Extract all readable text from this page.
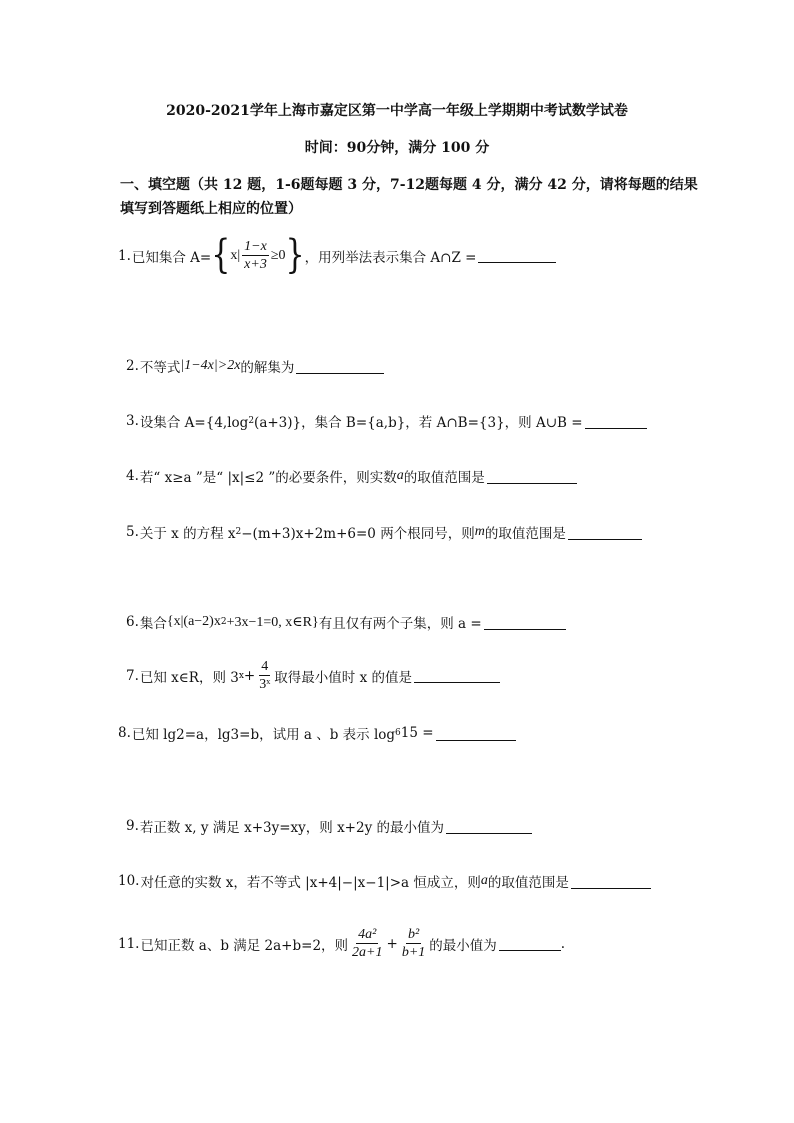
2020-2021学年上海市嘉定区第一中学高一年级上学期期中考试数学试卷
时间：90分钟，满分 100 分
一、填空题（共 12 题，1-6题每题 3 分，7-12题每题 4 分，满分 42 分，请将每题的结果
填写到答题纸上相应的位置）
1. 已知集合 A= { $x| \frac{1-x}{x+3} \ge 0$ } ，用列举法表示集合 A∩Z =
2. 不等式 |1−4x|>2x 的解集为
3. 设集合 A={4,log 2 (a+3)}，集合 B={a,b}，若 A∩B={3}，则 A∪B =
4. 若“ x≥a ”是“ |x|≤2 ”的必要条件，则实数 a 的取值范围是
5. 关于 x 的方程 x 2 −(m+3)x+2m+6=0 两个根同号，则 m 的取值范围是
6. 集合 {x|(a−2)x 2 +3x−1=0, x∈R} 有且仅有两个子集，则 a =
7. 已知 x∈R，则 3 $x + \frac{4}{\text{3ˣ}}$ 取得最小值时 x 的值是
8. 已知 lg2=a，lg3=b，试用 a 、b 表示 log 6 15 =
9. 若正数 x, y 满足 x+3y=xy，则 x+2y 的最小值为
10. 对任意的实数 x，若不等式 |x+4|−|x−1|>a 恒成立，则 a 的取值范围是
11. 已知正数 a、b 满足 2a+b=2，则 $\frac{\text{4a²}}{2a+1} + \frac{\text{b²}}{b+1}$ 的最小值为	.
